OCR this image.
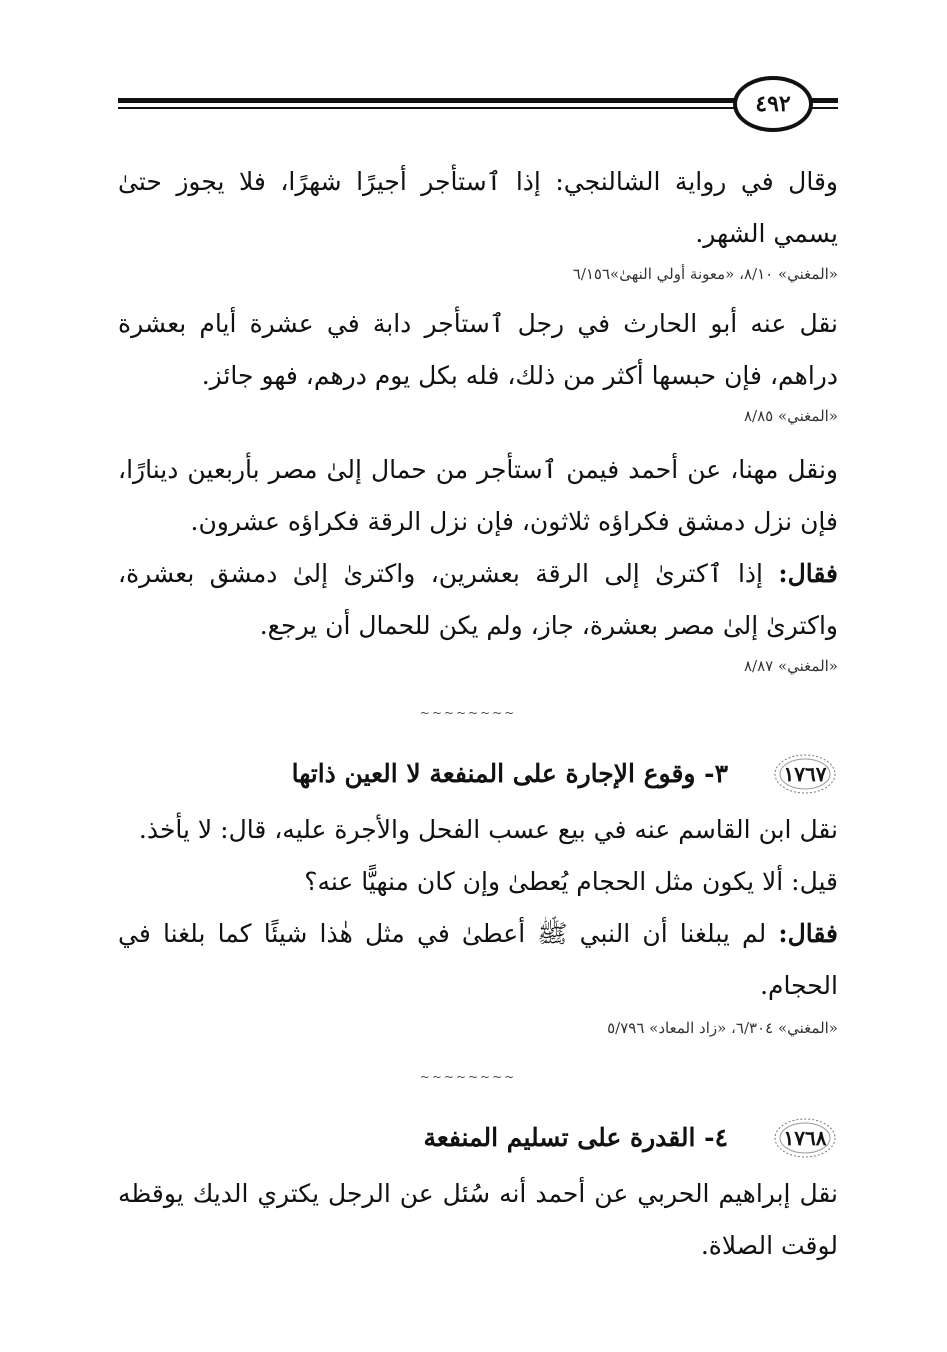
٤٩٢
وقال في رواية الشالنجي: إذا ٱستأجر أجيرًا شهرًا، فلا يجوز حتىٰ يسمي الشهر.
«المغني» ٨/١٠، «معونة أولي النهىٰ»٦/١٥٦
نقل عنه أبو الحارث في رجل ٱستأجر دابة في عشرة أيام بعشرة دراهم، فإن حبسها أكثر من ذلك، فله بكل يوم درهم، فهو جائز.
«المغني» ٨/٨٥
ونقل مهنا، عن أحمد فيمن ٱستأجر من حمال إلىٰ مصر بأربعين دينارًا، فإن نزل دمشق فكراؤه ثلاثون، فإن نزل الرقة فكراؤه عشرون.
فقال: إذا ٱكترىٰ إلى الرقة بعشرين، واكترىٰ إلىٰ دمشق بعشرة، واكترىٰ إلىٰ مصر بعشرة، جاز، ولم يكن للحمال أن يرجع.
«المغني» ٨/٨٧
~~~~~~~~
١٧٦٧
٣- وقوع الإجارة على المنفعة لا العين ذاتها
نقل ابن القاسم عنه في بيع عسب الفحل والأجرة عليه، قال: لا يأخذ.
قيل: ألا يكون مثل الحجام يُعطىٰ وإن كان منهيًّا عنه؟
فقال: لم يبلغنا أن النبي ﷺ أعطىٰ في مثل هٰذا شيئًا كما بلغنا في الحجام.
«المغني» ٦/٣٠٤، «زاد المعاد» ٥/٧٩٦
~~~~~~~~
١٧٦٨
٤- القدرة على تسليم المنفعة
نقل إبراهيم الحربي عن أحمد أنه سُئل عن الرجل يكتري الديك يوقظه لوقت الصلاة.
